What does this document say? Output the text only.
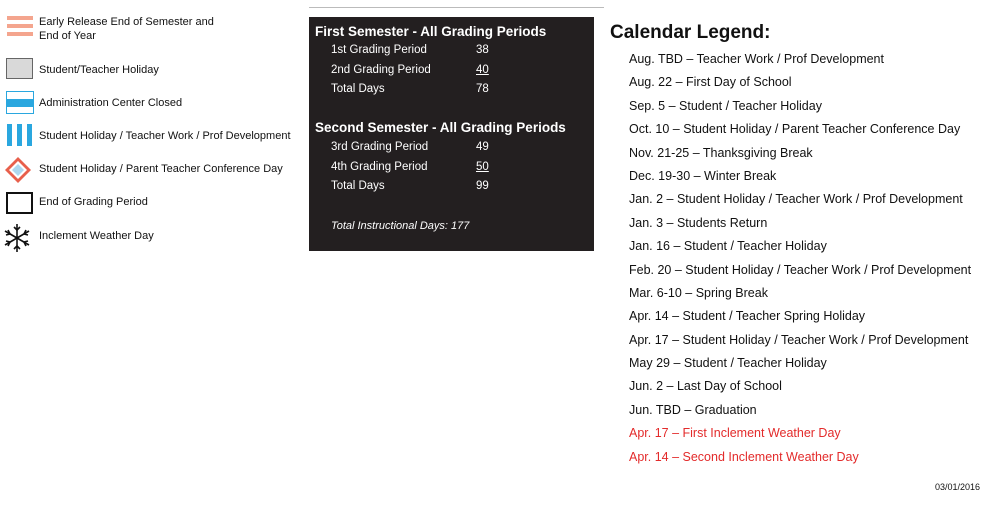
Early Release End of Semester and
End of Year
Student/Teacher Holiday
Administration Center Closed
Student Holiday / Teacher Work / Prof Development
Student Holiday / Parent Teacher Conference Day
End of Grading Period
Inclement Weather Day
First Semester - All Grading Periods
1st Grading Period	38
2nd Grading Period	40
Total Days	78
Second Semester - All Grading Periods
3rd Grading Period	49
4th Grading Period	50
Total Days	99
Total Instructional Days: 177
Calendar Legend:
Aug. TBD – Teacher Work / Prof Development
Aug. 22 – First Day of School
Sep. 5 – Student / Teacher Holiday
Oct. 10 – Student Holiday / Parent Teacher Conference Day
Nov. 21-25 – Thanksgiving Break
Dec. 19-30 – Winter Break
Jan. 2 – Student Holiday / Teacher Work / Prof Development
Jan. 3 – Students Return
Jan. 16 – Student / Teacher Holiday
Feb. 20 – Student Holiday / Teacher Work / Prof Development
Mar. 6-10 – Spring Break
Apr. 14 – Student / Teacher Spring Holiday
Apr. 17 – Student Holiday / Teacher Work / Prof Development
May 29 – Student / Teacher Holiday
Jun. 2 – Last Day of School
Jun. TBD – Graduation
Apr. 17 – First Inclement Weather Day
Apr. 14 – Second Inclement Weather Day
03/01/2016
